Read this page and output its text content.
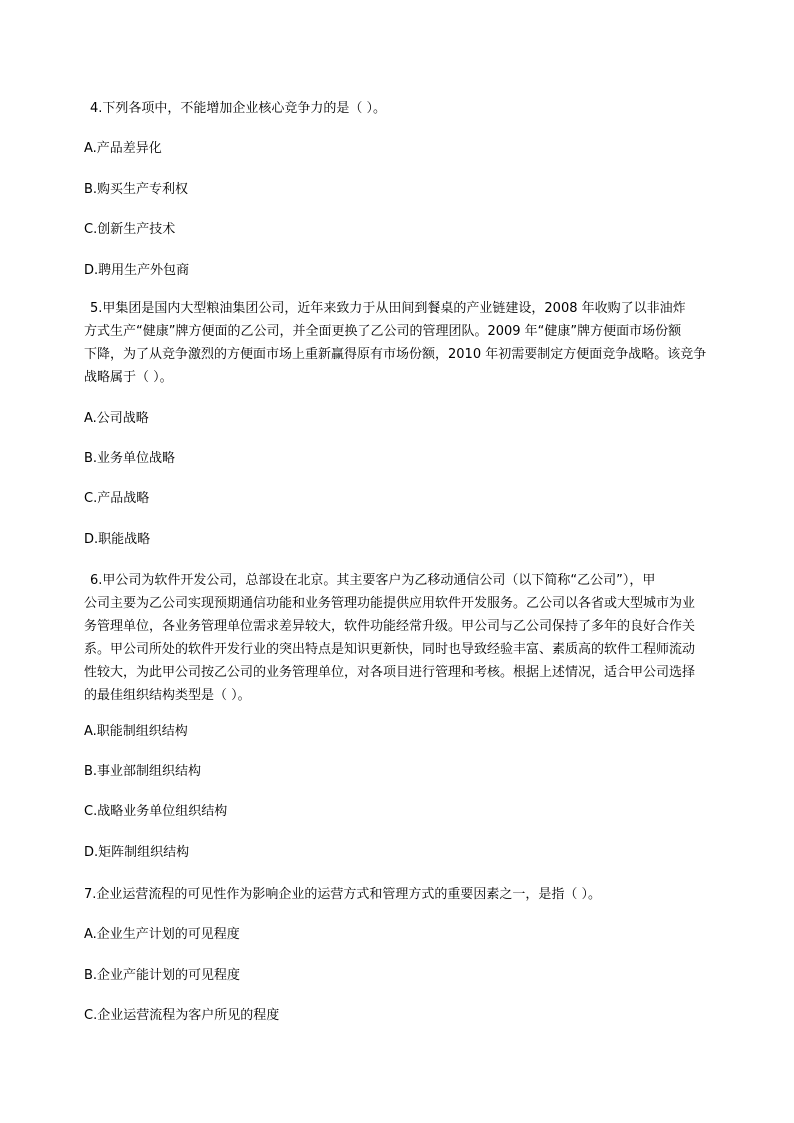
4.下列各项中，不能增加企业核心竞争力的是（ ）。

A.产品差异化

B.购买生产专利权

C.创新生产技术

D.聘用生产外包商

5.甲集团是国内大型粮油集团公司，近年来致力于从田间到餐桌的产业链建设，2008 年收购了以非油炸

方式生产“健康”牌方便面的乙公司，并全面更换了乙公司的管理团队。2009 年“健康”牌方便面市场份额

下降，为了从竞争激烈的方便面市场上重新赢得原有市场份额，2010 年初需要制定方便面竞争战略。该竞争

战略属于（ ）。

A.公司战略

B.业务单位战略

C.产品战略

D.职能战略

6.甲公司为软件开发公司，总部设在北京。其主要客户为乙移动通信公司（以下简称“乙公司”），甲

公司主要为乙公司实现预期通信功能和业务管理功能提供应用软件开发服务。乙公司以各省或大型城市为业

务管理单位，各业务管理单位需求差异较大，软件功能经常升级。甲公司与乙公司保持了多年的良好合作关

系。甲公司所处的软件开发行业的突出特点是知识更新快，同时也导致经验丰富、素质高的软件工程师流动

性较大，为此甲公司按乙公司的业务管理单位，对各项目进行管理和考核。根据上述情况，适合甲公司选择

的最佳组织结构类型是（ ）。

A.职能制组织结构

B.事业部制组织结构

C.战略业务单位组织结构

D.矩阵制组织结构

7.企业运营流程的可见性作为影响企业的运营方式和管理方式的重要因素之一，是指（ ）。

A.企业生产计划的可见程度

B.企业产能计划的可见程度

C.企业运营流程为客户所见的程度
